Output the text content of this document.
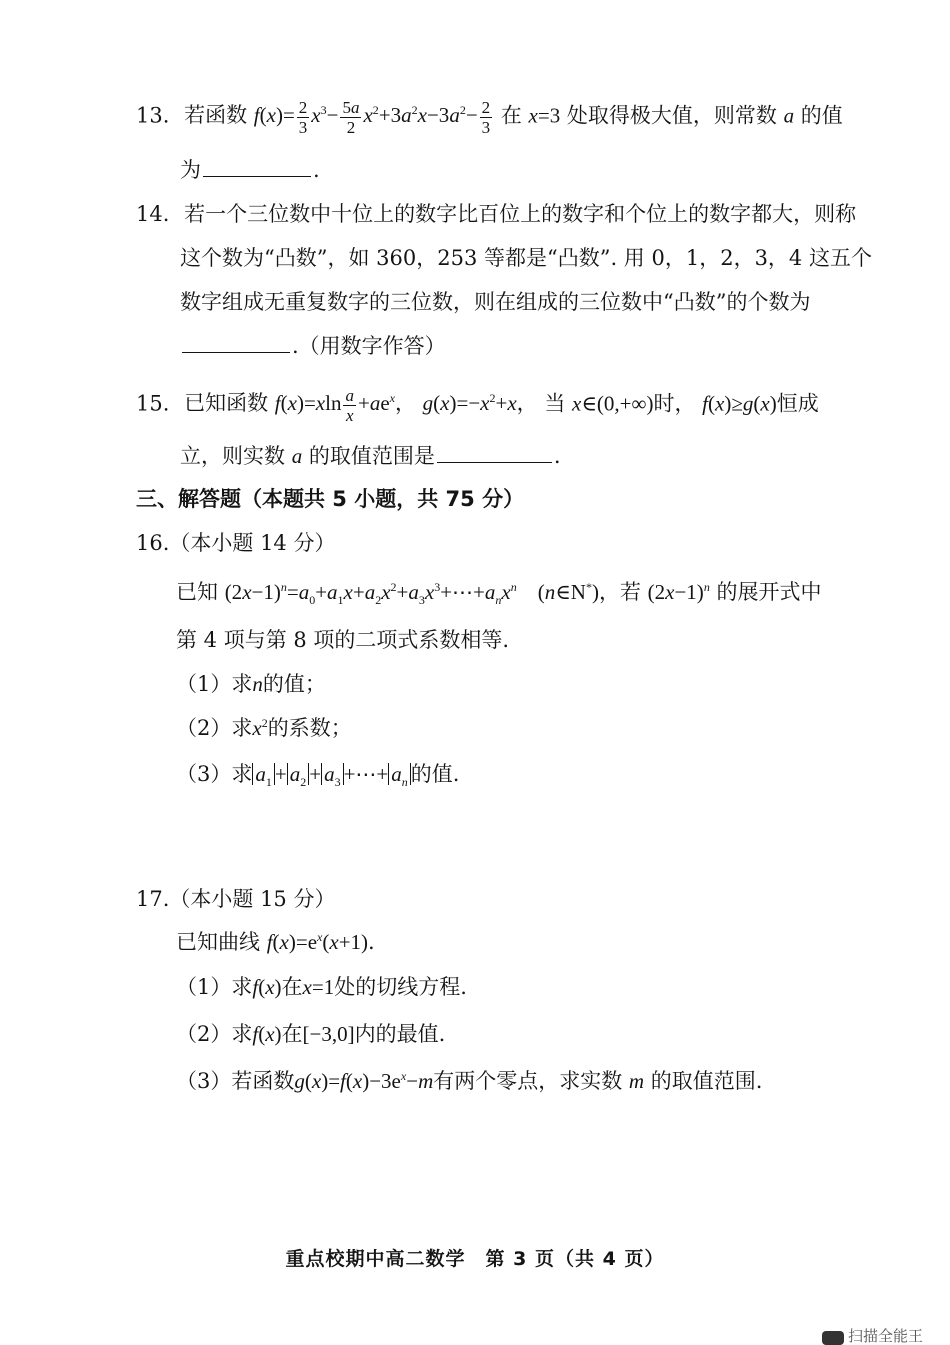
13. 若函数 $f(x)= \frac{2}{3} x^3- \frac{5a}{2} x^2+3a^2x-3a^2- \frac{2}{3}$ 在 x=3 处取得极大值，则常数 a 的值
为	.
14. 若一个三位数中十位上的数字比百位上的数字和个位上的数字都大，则称
这个数为“凸数”，如 360，253 等都是“凸数”. 用 0，1，2，3，4 这五个
数字组成无重复数字的三位数，则在组成的三位数中“凸数”的个数为
.（用数字作答）
15. 已知函数 $f(x)=xln \frac{a}{x} +ae^x$， $g(x)=-x^2+x$， 当 x∈(0,+∞)时， f(x)≥g(x)恒成
立，则实数 a 的取值范围是	.
三、解答题（本题共 5 小题，共 75 分）
16.（本小题 14 分）
已知 $(2x-1)^n=a_0+a_1x+a_2x^2+a_3x^3+\cdots+a_nx^n$　(n∈N*)，若 $(2x-1)^n$ 的展开式中
第 4 项与第 8 项的二项式系数相等.
（1）求n的值；
（2）求$x^2$的系数；
（3）求 $a_1 + a_2 + a_3$ +⋯+ $a_n$ 的值.
17.（本小题 15 分）
已知曲线 $f(x)=e^x(x+1)$.
（1）求f(x)在x=1处的切线方程.
（2）求f(x)在[−3,0]内的最值.
（3）若函数$g(x)=f(x)-3e^x-m$有两个零点，求实数 m 的取值范围.
重点校期中高二数学　第 3 页（共 4 页）
扫描全能王
